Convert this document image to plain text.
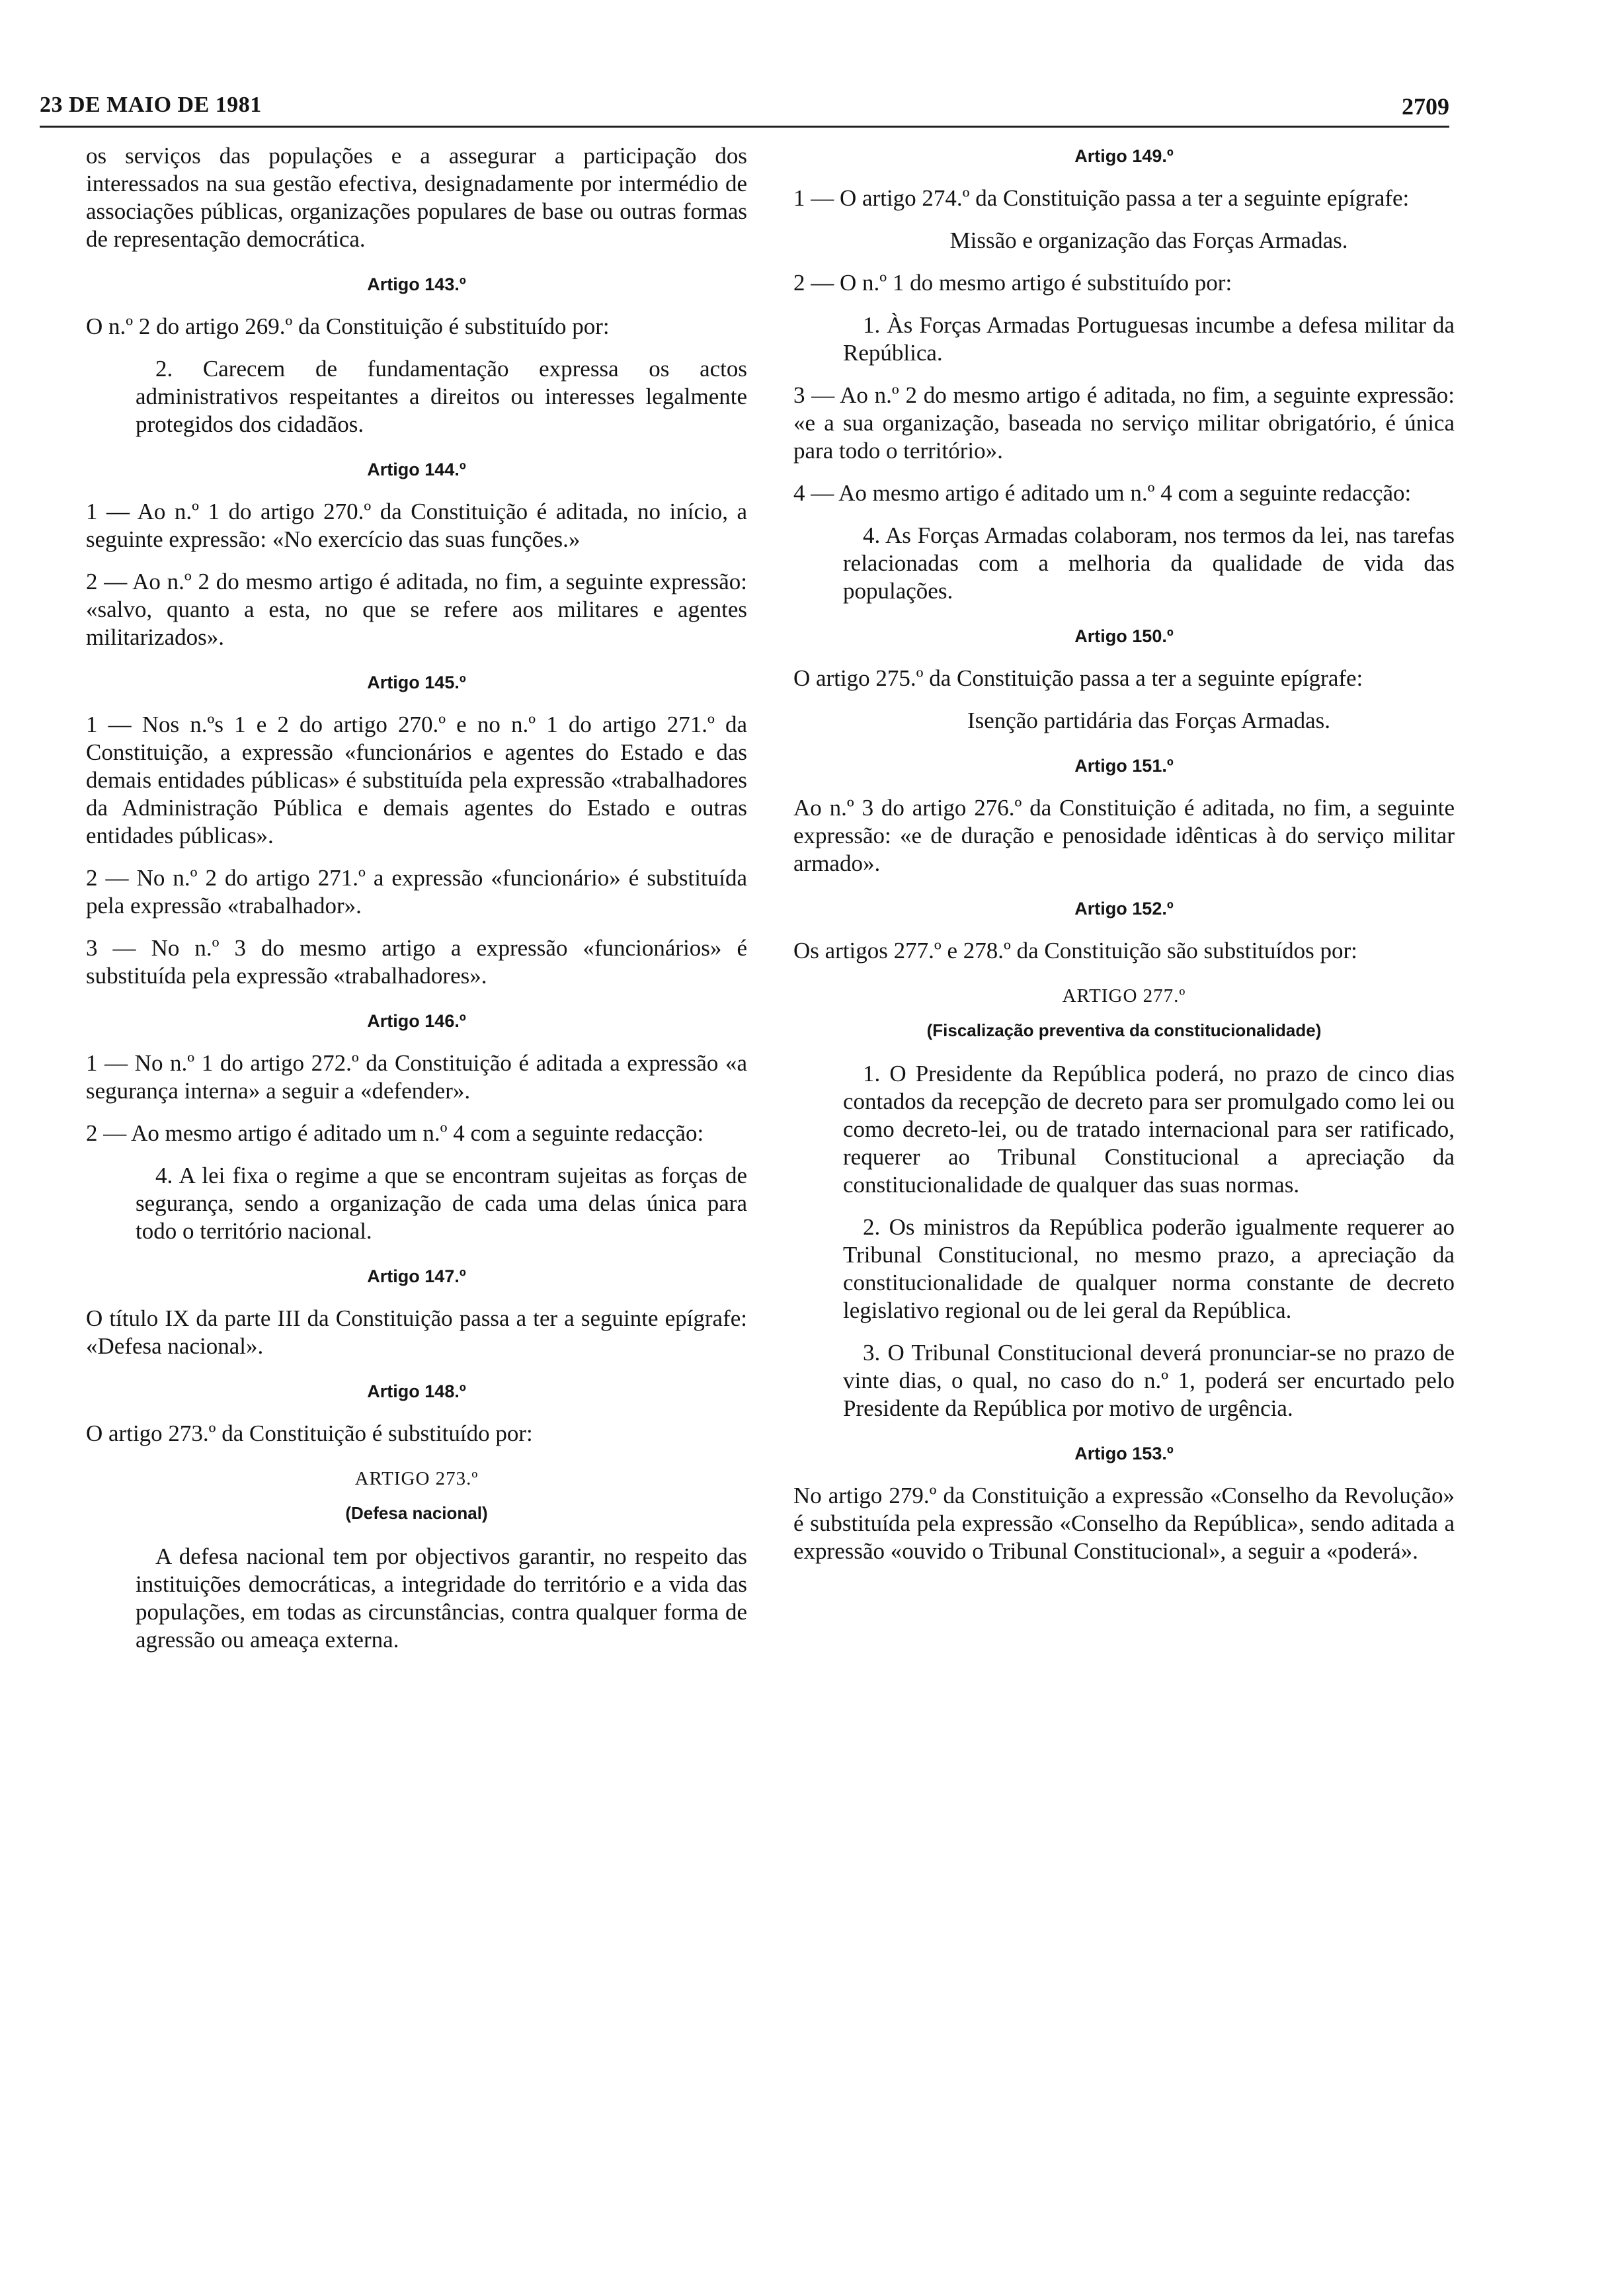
23 DE MAIO DE 1981	2709

os serviços das populações e a assegurar a participação dos interessados na sua gestão efectiva, designadamente por intermédio de associações públicas, organizações populares de base ou outras formas de representação democrática.

Artigo 143.º

O n.º 2 do artigo 269.º da Constituição é substituído por:

2. Carecem de fundamentação expressa os actos administrativos respeitantes a direitos ou interesses legalmente protegidos dos cidadãos.

Artigo 144.º

1 — Ao n.º 1 do artigo 270.º da Constituição é aditada, no início, a seguinte expressão: «No exercício das suas funções.»

2 — Ao n.º 2 do mesmo artigo é aditada, no fim, a seguinte expressão: «salvo, quanto a esta, no que se refere aos militares e agentes militarizados».

Artigo 145.º

1 — Nos n.ºs 1 e 2 do artigo 270.º e no n.º 1 do artigo 271.º da Constituição, a expressão «funcionários e agentes do Estado e das demais entidades públicas» é substituída pela expressão «trabalhadores da Administração Pública e demais agentes do Estado e outras entidades públicas».

2 — No n.º 2 do artigo 271.º a expressão «funcionário» é substituída pela expressão «trabalhador».

3 — No n.º 3 do mesmo artigo a expressão «funcionários» é substituída pela expressão «trabalhadores».

Artigo 146.º

1 — No n.º 1 do artigo 272.º da Constituição é aditada a expressão «a segurança interna» a seguir a «defender».

2 — Ao mesmo artigo é aditado um n.º 4 com a seguinte redacção:

4. A lei fixa o regime a que se encontram sujeitas as forças de segurança, sendo a organização de cada uma delas única para todo o território nacional.

Artigo 147.º

O título IX da parte III da Constituição passa a ter a seguinte epígrafe: «Defesa nacional».

Artigo 148.º

O artigo 273.º da Constituição é substituído por:

ARTIGO 273.º
(Defesa nacional)

A defesa nacional tem por objectivos garantir, no respeito das instituições democráticas, a integridade do território e a vida das populações, em todas as circunstâncias, contra qualquer forma de agressão ou ameaça externa.

Artigo 149.º

1 — O artigo 274.º da Constituição passa a ter a seguinte epígrafe:

Missão e organização das Forças Armadas.

2 — O n.º 1 do mesmo artigo é substituído por:

1. Às Forças Armadas Portuguesas incumbe a defesa militar da República.

3 — Ao n.º 2 do mesmo artigo é aditada, no fim, a seguinte expressão: «e a sua organização, baseada no serviço militar obrigatório, é única para todo o território».

4 — Ao mesmo artigo é aditado um n.º 4 com a seguinte redacção:

4. As Forças Armadas colaboram, nos termos da lei, nas tarefas relacionadas com a melhoria da qualidade de vida das populações.

Artigo 150.º

O artigo 275.º da Constituição passa a ter a seguinte epígrafe:

Isenção partidária das Forças Armadas.

Artigo 151.º

Ao n.º 3 do artigo 276.º da Constituição é aditada, no fim, a seguinte expressão: «e de duração e penosidade idênticas à do serviço militar armado».

Artigo 152.º

Os artigos 277.º e 278.º da Constituição são substituídos por:

ARTIGO 277.º
(Fiscalização preventiva da constitucionalidade)

1. O Presidente da República poderá, no prazo de cinco dias contados da recepção de decreto para ser promulgado como lei ou como decreto-lei, ou de tratado internacional para ser ratificado, requerer ao Tribunal Constitucional a apreciação da constitucionalidade de qualquer das suas normas.

2. Os ministros da República poderão igualmente requerer ao Tribunal Constitucional, no mesmo prazo, a apreciação da constitucionalidade de qualquer norma constante de decreto legislativo regional ou de lei geral da República.

3. O Tribunal Constitucional deverá pronunciar-se no prazo de vinte dias, o qual, no caso do n.º 1, poderá ser encurtado pelo Presidente da República por motivo de urgência.

Artigo 153.º

No artigo 279.º da Constituição a expressão «Conselho da Revolução» é substituída pela expressão «Conselho da República», sendo aditada a expressão «ouvido o Tribunal Constitucional», a seguir a «poderá».
